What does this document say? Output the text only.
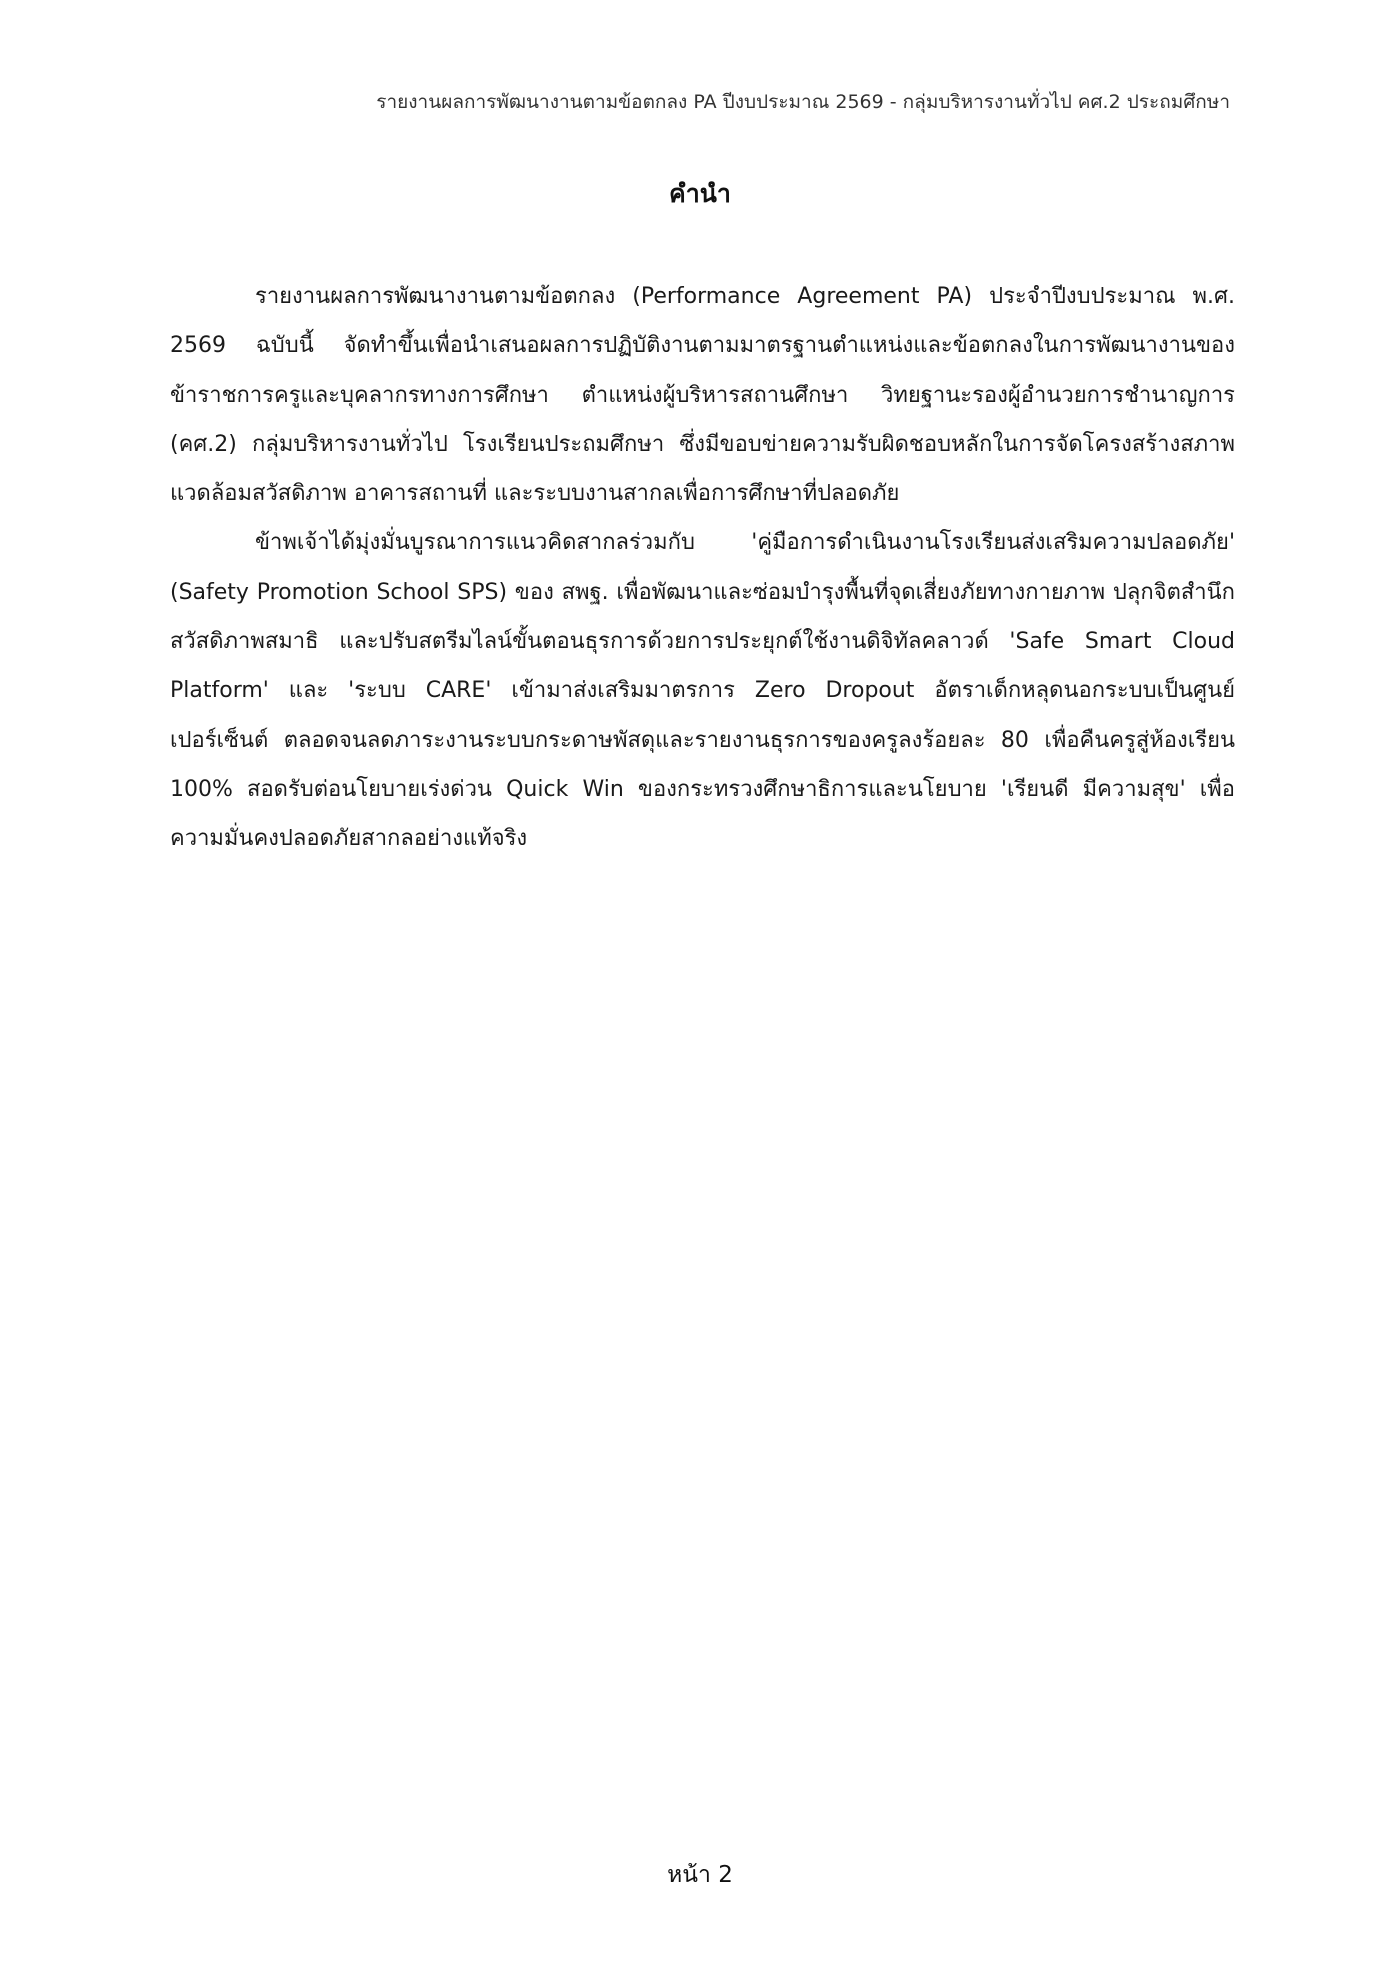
รายงานผลการพัฒนางานตามข้อตกลง PA ปีงบประมาณ 2569 - กลุ่มบริหารงานทั่วไป คศ.2 ประถมศึกษา
คำนำ

รายงานผลการพัฒนางานตามข้อตกลง (Performance Agreement PA) ประจำปีงบประมาณ พ.ศ. 2569 ฉบับนี้ จัดทำขึ้นเพื่อนำเสนอผลการปฏิบัติงานตามมาตรฐานตำแหน่งและข้อตกลงในการพัฒนางานของข้าราชการครูและบุคลากรทางการศึกษา ตำแหน่งผู้บริหารสถานศึกษา วิทยฐานะรองผู้อำนวยการชำนาญการ (คศ.2) กลุ่มบริหารงานทั่วไป โรงเรียนประถมศึกษา ซึ่งมีขอบข่ายความรับผิดชอบหลักในการจัดโครงสร้างสภาพแวดล้อมสวัสดิภาพ อาคารสถานที่ และระบบงานสากลเพื่อการศึกษาที่ปลอดภัย

ข้าพเจ้าได้มุ่งมั่นบูรณาการแนวคิดสากลร่วมกับ 'คู่มือการดำเนินงานโรงเรียนส่งเสริมความปลอดภัย' (Safety Promotion School SPS) ของ สพฐ. เพื่อพัฒนาและซ่อมบำรุงพื้นที่จุดเสี่ยงภัยทางกายภาพ ปลุกจิตสำนึกสวัสดิภาพสมาธิ และปรับสตรีมไลน์ขั้นตอนธุรการด้วยการประยุกต์ใช้งานดิจิทัลคลาวด์ 'Safe Smart Cloud Platform' และ 'ระบบ CARE' เข้ามาส่งเสริมมาตรการ Zero Dropout อัตราเด็กหลุดนอกระบบเป็นศูนย์เปอร์เซ็นต์ ตลอดจนลดภาระงานระบบกระดาษพัสดุและรายงานธุรการของครูลงร้อยละ 80 เพื่อคืนครูสู่ห้องเรียน 100% สอดรับต่อนโยบายเร่งด่วน Quick Win ของกระทรวงศึกษาธิการและนโยบาย 'เรียนดี มีความสุข' เพื่อความมั่นคงปลอดภัยสากลอย่างแท้จริง

หน้า 2
